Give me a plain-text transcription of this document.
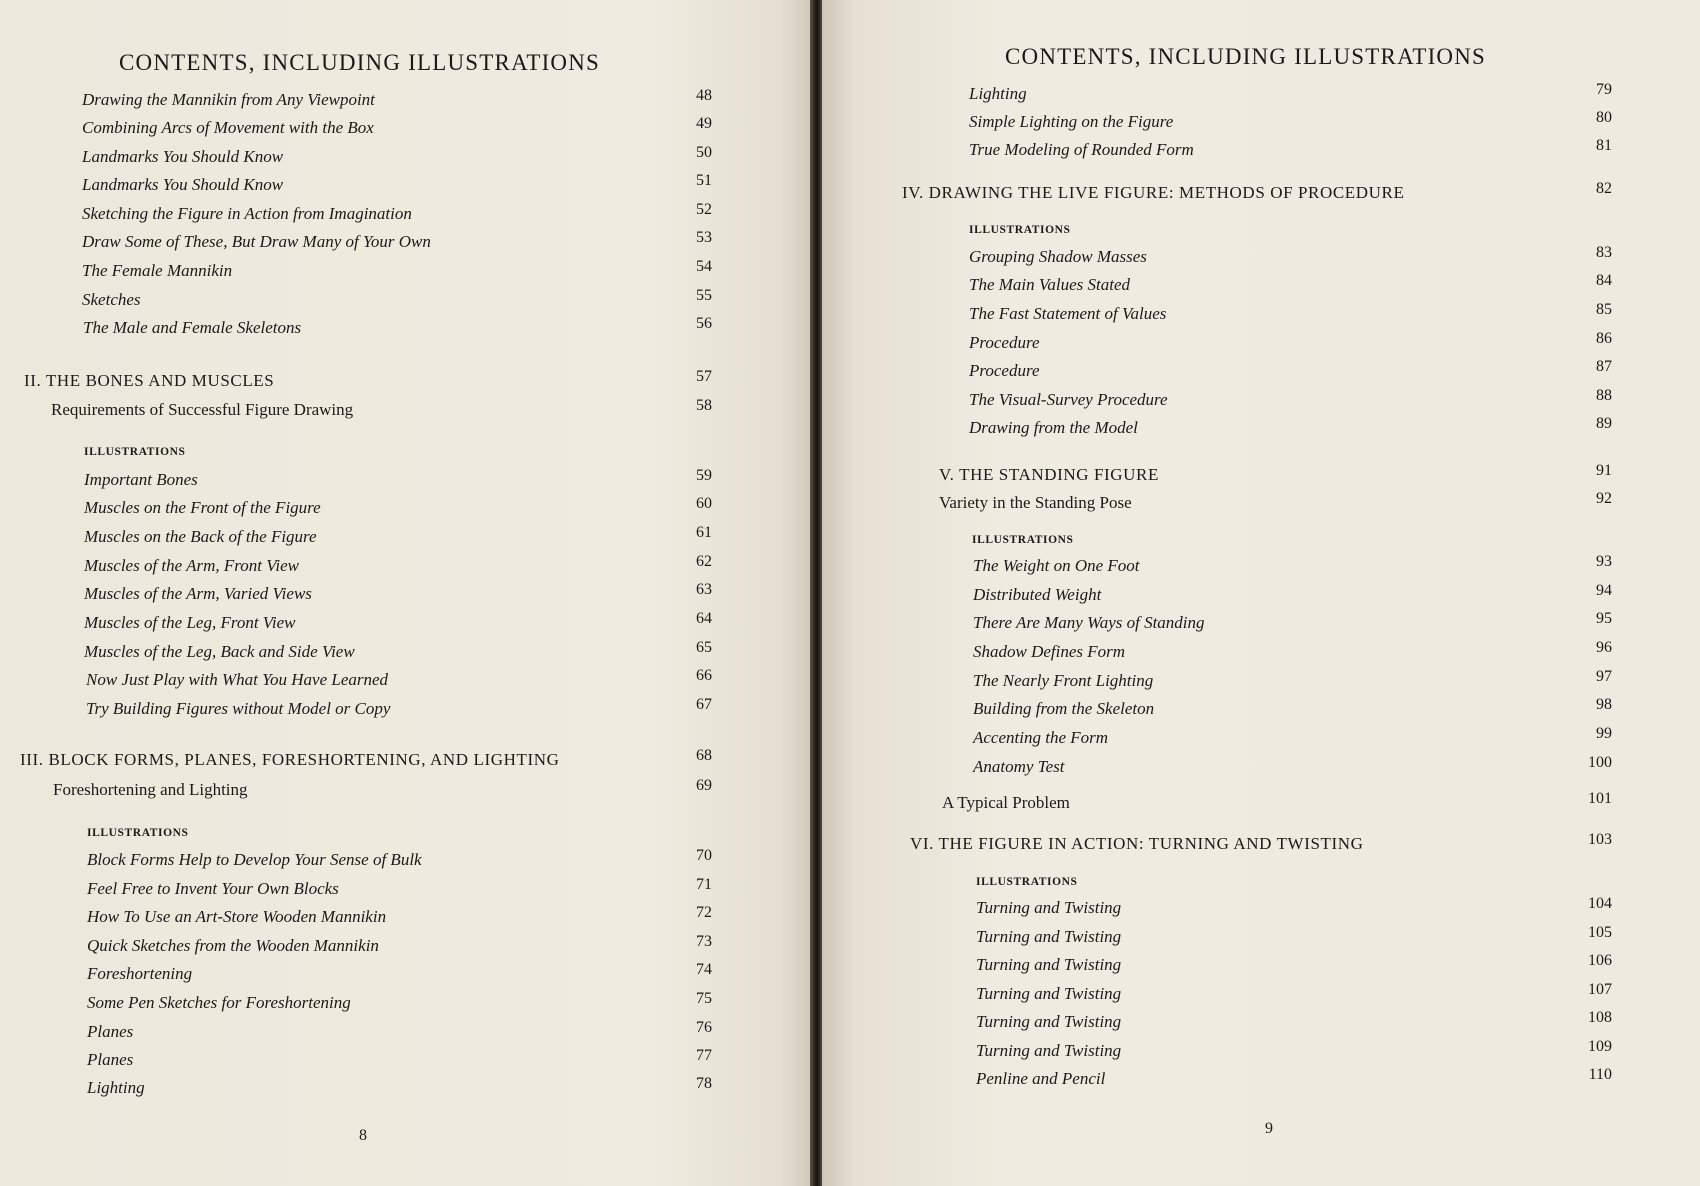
CONTENTS, INCLUDING ILLUSTRATIONS
Drawing the Mannikin from Any Viewpoint	48
Combining Arcs of Movement with the Box	49
Landmarks You Should Know	50
Landmarks You Should Know	51
Sketching the Figure in Action from Imagination	52
Draw Some of These, But Draw Many of Your Own	53
The Female Mannikin	54
Sketches	55
The Male and Female Skeletons	56
II. THE BONES AND MUSCLES	57
Requirements of Successful Figure Drawing	58
ILLUSTRATIONS
Important Bones	59
Muscles on the Front of the Figure	60
Muscles on the Back of the Figure	61
Muscles of the Arm, Front View	62
Muscles of the Arm, Varied Views	63
Muscles of the Leg, Front View	64
Muscles of the Leg, Back and Side View	65
Now Just Play with What You Have Learned	66
Try Building Figures without Model or Copy	67
III. BLOCK FORMS, PLANES, FORESHORTENING, AND LIGHTING	68
Foreshortening and Lighting	69
ILLUSTRATIONS
Block Forms Help to Develop Your Sense of Bulk	70
Feel Free to Invent Your Own Blocks	71
How To Use an Art-Store Wooden Mannikin	72
Quick Sketches from the Wooden Mannikin	73
Foreshortening	74
Some Pen Sketches for Foreshortening	75
Planes	76
Planes	77
Lighting	78
8
CONTENTS, INCLUDING ILLUSTRATIONS
Lighting	79
Simple Lighting on the Figure	80
True Modeling of Rounded Form	81
IV. DRAWING THE LIVE FIGURE: METHODS OF PROCEDURE	82
ILLUSTRATIONS
Grouping Shadow Masses	83
The Main Values Stated	84
The Fast Statement of Values	85
Procedure	86
Procedure	87
The Visual-Survey Procedure	88
Drawing from the Model	89
V. THE STANDING FIGURE	91
Variety in the Standing Pose	92
ILLUSTRATIONS
The Weight on One Foot	93
Distributed Weight	94
There Are Many Ways of Standing	95
Shadow Defines Form	96
The Nearly Front Lighting	97
Building from the Skeleton	98
Accenting the Form	99
Anatomy Test	100
A Typical Problem	101
VI. THE FIGURE IN ACTION: TURNING AND TWISTING	103
ILLUSTRATIONS
Turning and Twisting	104
Turning and Twisting	105
Turning and Twisting	106
Turning and Twisting	107
Turning and Twisting	108
Turning and Twisting	109
Penline and Pencil	110
9
